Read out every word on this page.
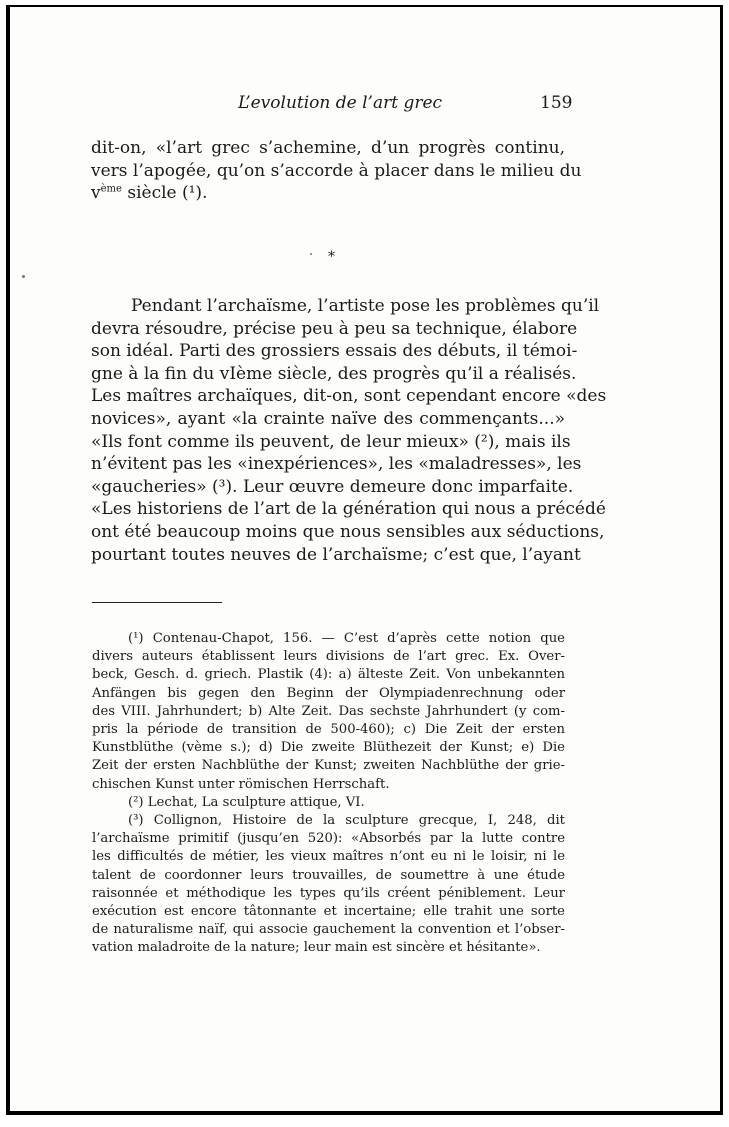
L’evolution de l’art grec	159
dit-on, «l’art grec s’achemine, d’un progrès continu,
vers l’apogée, qu’on s’accorde à placer dans le milieu du
$v^{ème}$ siècle (¹).
*
Pendant l’archaïsme, l’artiste pose les problèmes qu’il
devra résoudre, précise peu à peu sa technique, élabore
son idéal. Parti des grossiers essais des débuts, il témoi-
gne à la fin du vIème siècle, des progrès qu’il a réalisés.
Les maîtres archaïques, dit-on, sont cependant encore «des
novices», ayant «la crainte naïve des commençants...»
«Ils font comme ils peuvent, de leur mieux» (²), mais ils
n’évitent pas les «inexpériences», les «maladresses», les
«gaucheries» (³). Leur œuvre demeure donc imparfaite.
«Les historiens de l’art de la génération qui nous a précédé
ont été beaucoup moins que nous sensibles aux séductions,
pourtant toutes neuves de l’archaïsme; c’est que, l’ayant
(¹) Contenau-Chapot, 156. — C’est d’après cette notion que
divers auteurs établissent leurs divisions de l’art grec. Ex. Over-
beck, Gesch. d. griech. Plastik (4): a) älteste Zeit. Von unbekannten
Anfängen bis gegen den Beginn der Olympiadenrechnung oder
des VIII. Jahrhundert; b) Alte Zeit. Das sechste Jahrhundert (y com-
pris la période de transition de 500-460); c) Die Zeit der ersten
Kunstblüthe (vème s.); d) Die zweite Blüthezeit der Kunst; e) Die
Zeit der ersten Nachblüthe der Kunst; zweiten Nachblüthe der grie-
chischen Kunst unter römischen Herrschaft.
(²) Lechat, La sculpture attique, VI.
(³) Collignon, Histoire de la sculpture grecque, I, 248, dit
l’archaïsme primitif (jusqu’en 520): «Absorbés par la lutte contre
les difficultés de métier, les vieux maîtres n’ont eu ni le loisir, ni le
talent de coordonner leurs trouvailles, de soumettre à une étude
raisonnée et méthodique les types qu’ils créent péniblement. Leur
exécution est encore tâtonnante et incertaine; elle trahit une sorte
de naturalisme naïf, qui associe gauchement la convention et l’obser-
vation maladroite de la nature; leur main est sincère et hésitante».
